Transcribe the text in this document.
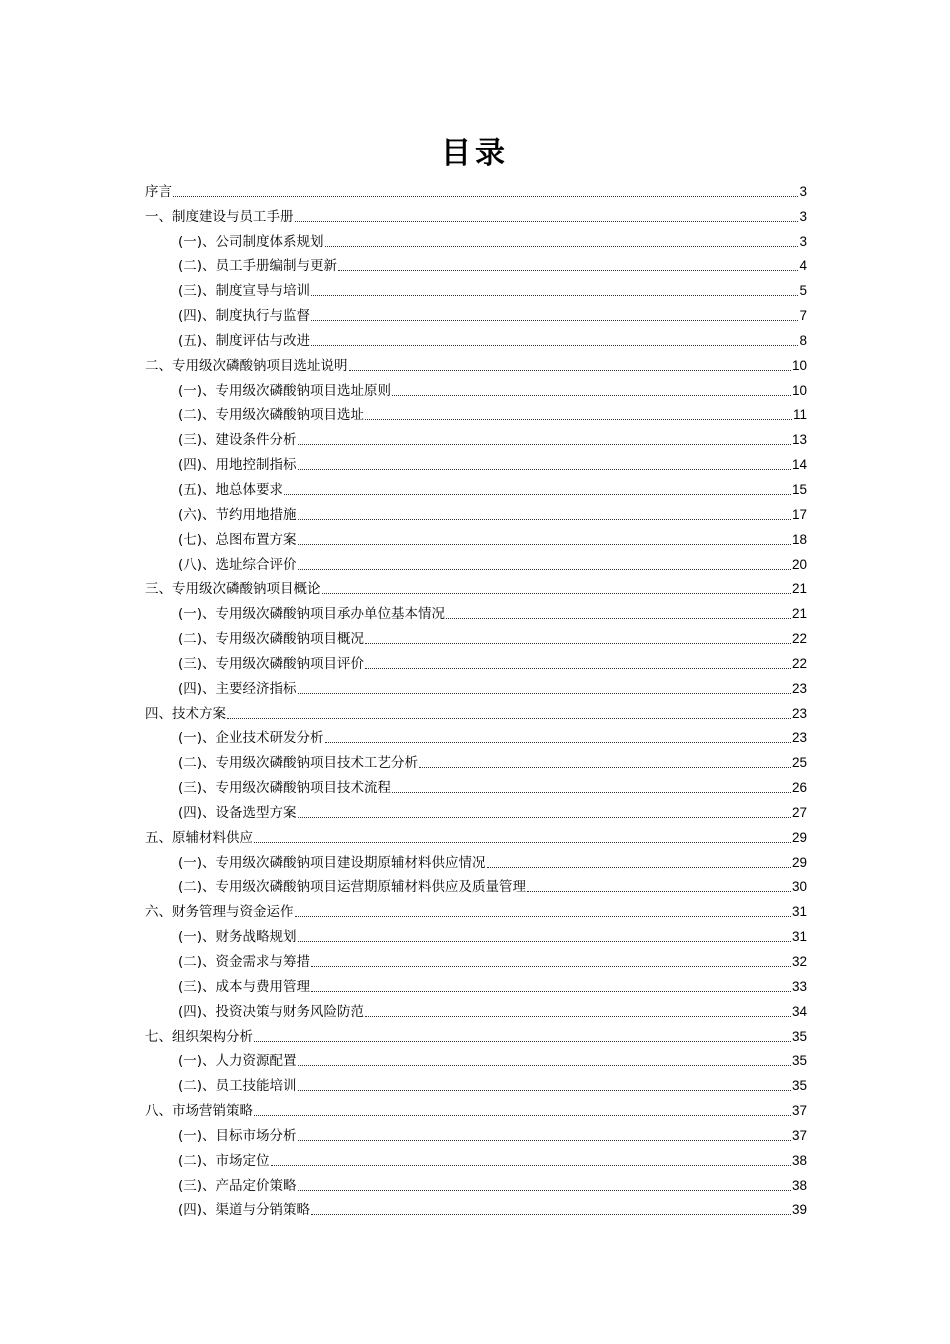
目录
序言	3
一、制度建设与员工手册	3
(一)、公司制度体系规划	3
(二)、员工手册编制与更新	4
(三)、制度宣导与培训	5
(四)、制度执行与监督	7
(五)、制度评估与改进	8
二、专用级次磷酸钠项目选址说明	10
(一)、专用级次磷酸钠项目选址原则	10
(二)、专用级次磷酸钠项目选址	11
(三)、建设条件分析	13
(四)、用地控制指标	14
(五)、地总体要求	15
(六)、节约用地措施	17
(七)、总图布置方案	18
(八)、选址综合评价	20
三、专用级次磷酸钠项目概论	21
(一)、专用级次磷酸钠项目承办单位基本情况	21
(二)、专用级次磷酸钠项目概况	22
(三)、专用级次磷酸钠项目评价	22
(四)、主要经济指标	23
四、技术方案	23
(一)、企业技术研发分析	23
(二)、专用级次磷酸钠项目技术工艺分析	25
(三)、专用级次磷酸钠项目技术流程	26
(四)、设备选型方案	27
五、原辅材料供应	29
(一)、专用级次磷酸钠项目建设期原辅材料供应情况	29
(二)、专用级次磷酸钠项目运营期原辅材料供应及质量管理	30
六、财务管理与资金运作	31
(一)、财务战略规划	31
(二)、资金需求与筹措	32
(三)、成本与费用管理	33
(四)、投资决策与财务风险防范	34
七、组织架构分析	35
(一)、人力资源配置	35
(二)、员工技能培训	35
八、市场营销策略	37
(一)、目标市场分析	37
(二)、市场定位	38
(三)、产品定价策略	38
(四)、渠道与分销策略	39
